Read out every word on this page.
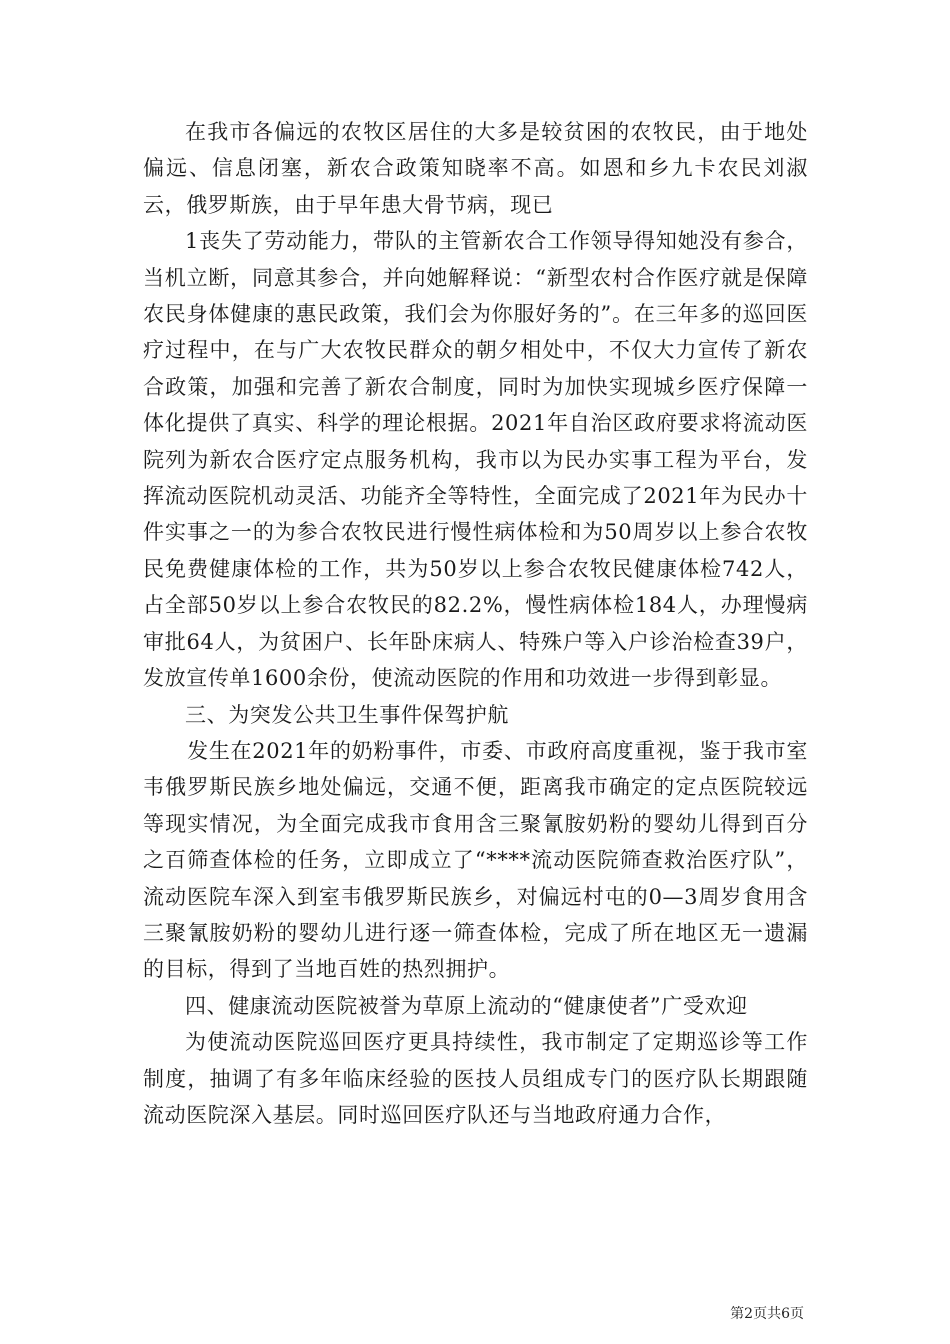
在我市各偏远的农牧区居住的大多是较贫困的农牧民，由于地处偏远、信息闭塞，新农合政策知晓率不高。如恩和乡九卡农民刘淑云，俄罗斯族，由于早年患大骨节病，现已

1丧失了劳动能力，带队的主管新农合工作领导得知她没有参合，当机立断，同意其参合，并向她解释说：“新型农村合作医疗就是保障农民身体健康的惠民政策，我们会为你服好务的”。在三年多的巡回医疗过程中，在与广大农牧民群众的朝夕相处中，不仅大力宣传了新农合政策，加强和完善了新农合制度，同时为加快实现城乡医疗保障一体化提供了真实、科学的理论根据。2021年自治区政府要求将流动医院列为新农合医疗定点服务机构，我市以为民办实事工程为平台，发挥流动医院机动灵活、功能齐全等特性，全面完成了2021年为民办十件实事之一的为参合农牧民进行慢性病体检和为50周岁以上参合农牧民免费健康体检的工作，共为50岁以上参合农牧民健康体检742人，占全部50岁以上参合农牧民的82.2%，慢性病体检184人，办理慢病审批64人，为贫困户、长年卧床病人、特殊户等入户诊治检查39户，发放宣传单1600余份，使流动医院的作用和功效进一步得到彰显。

三、为突发公共卫生事件保驾护航

发生在2021年的奶粉事件，市委、市政府高度重视，鉴于我市室韦俄罗斯民族乡地处偏远，交通不便，距离我市确定的定点医院较远等现实情况，为全面完成我市食用含三聚氰胺奶粉的婴幼儿得到百分之百筛查体检的任务，立即成立了“****流动医院筛查救治医疗队”，流动医院车深入到室韦俄罗斯民族乡，对偏远村屯的0—3周岁食用含三聚氰胺奶粉的婴幼儿进行逐一筛查体检，完成了所在地区无一遗漏的目标，得到了当地百姓的热烈拥护。

四、健康流动医院被誉为草原上流动的“健康使者”广受欢迎

为使流动医院巡回医疗更具持续性，我市制定了定期巡诊等工作制度，抽调了有多年临床经验的医技人员组成专门的医疗队长期跟随流动医院深入基层。同时巡回医疗队还与当地政府通力合作，

第2页共6页
